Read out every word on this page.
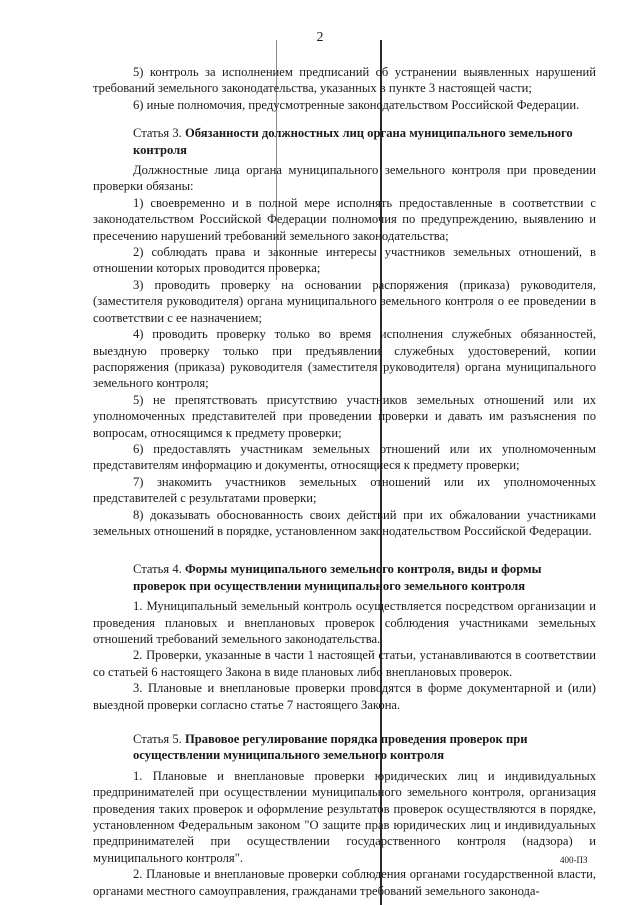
2

5) контроль за исполнением предписаний об устранении выявленных нарушений требований земельного законодательства, указанных в пункте 3 настоящей части;

6) иные полномочия, предусмотренные законодательством Российской Федерации.

Статья 3. Обязанности должностных лиц органа муниципального земельного контроля

Должностные лица органа муниципального земельного контроля при проведении проверки обязаны:

1) своевременно и в полной мере исполнять предоставленные в соответствии с законодательством Российской Федерации полномочия по предупреждению, выявлению и пресечению нарушений требований земельного законодательства;

2) соблюдать права и законные интересы участников земельных отношений, в отношении которых проводится проверка;

3) проводить проверку на основании распоряжения (приказа) руководителя, (заместителя руководителя) органа муниципального земельного контроля о ее проведении в соответствии с ее назначением;

4) проводить проверку только во время исполнения служебных обязанностей, выездную проверку только при предъявлении служебных удостоверений, копии распоряжения (приказа) руководителя (заместителя руководителя) органа муниципального земельного контроля;

5) не препятствовать присутствию участников земельных отношений или их уполномоченных представителей при проведении проверки и давать им разъяснения по вопросам, относящимся к предмету проверки;

6) предоставлять участникам земельных отношений или их уполномоченным представителям информацию и документы, относящиеся к предмету проверки;

7) знакомить участников земельных отношений или их уполномоченных представителей с результатами проверки;

8) доказывать обоснованность своих действий при их обжаловании участниками земельных отношений в порядке, установленном законодательством Российской Федерации.

Статья 4. Формы муниципального земельного контроля, виды и формы проверок при осуществлении муниципального земельного контроля

1. Муниципальный земельный контроль осуществляется посредством организации и проведения плановых и внеплановых проверок соблюдения участниками земельных отношений требований земельного законодательства.

2. Проверки, указанные в части 1 настоящей статьи, устанавливаются в соответствии со статьей 6 настоящего Закона в виде плановых либо внеплановых проверок.

3. Плановые и внеплановые проверки проводятся в форме документарной и (или) выездной проверки согласно статье 7 настоящего Закона.

Статья 5. Правовое регулирование порядка проведения проверок при осуществлении муниципального земельного контроля

1. Плановые и внеплановые проверки юридических лиц и индивидуальных предпринимателей при осуществлении муниципального земельного контроля, организация проведения таких проверок и оформление результатов проверок осуществляются в порядке, установленном Федеральным законом "О защите прав юридических лиц и индивидуальных предпринимателей при осуществлении государственного контроля (надзора) и муниципального контроля".

2. Плановые и внеплановые проверки соблюдения органами государственной власти, органами местного самоуправления, гражданами требований земельного законода-

400-ПЗ
